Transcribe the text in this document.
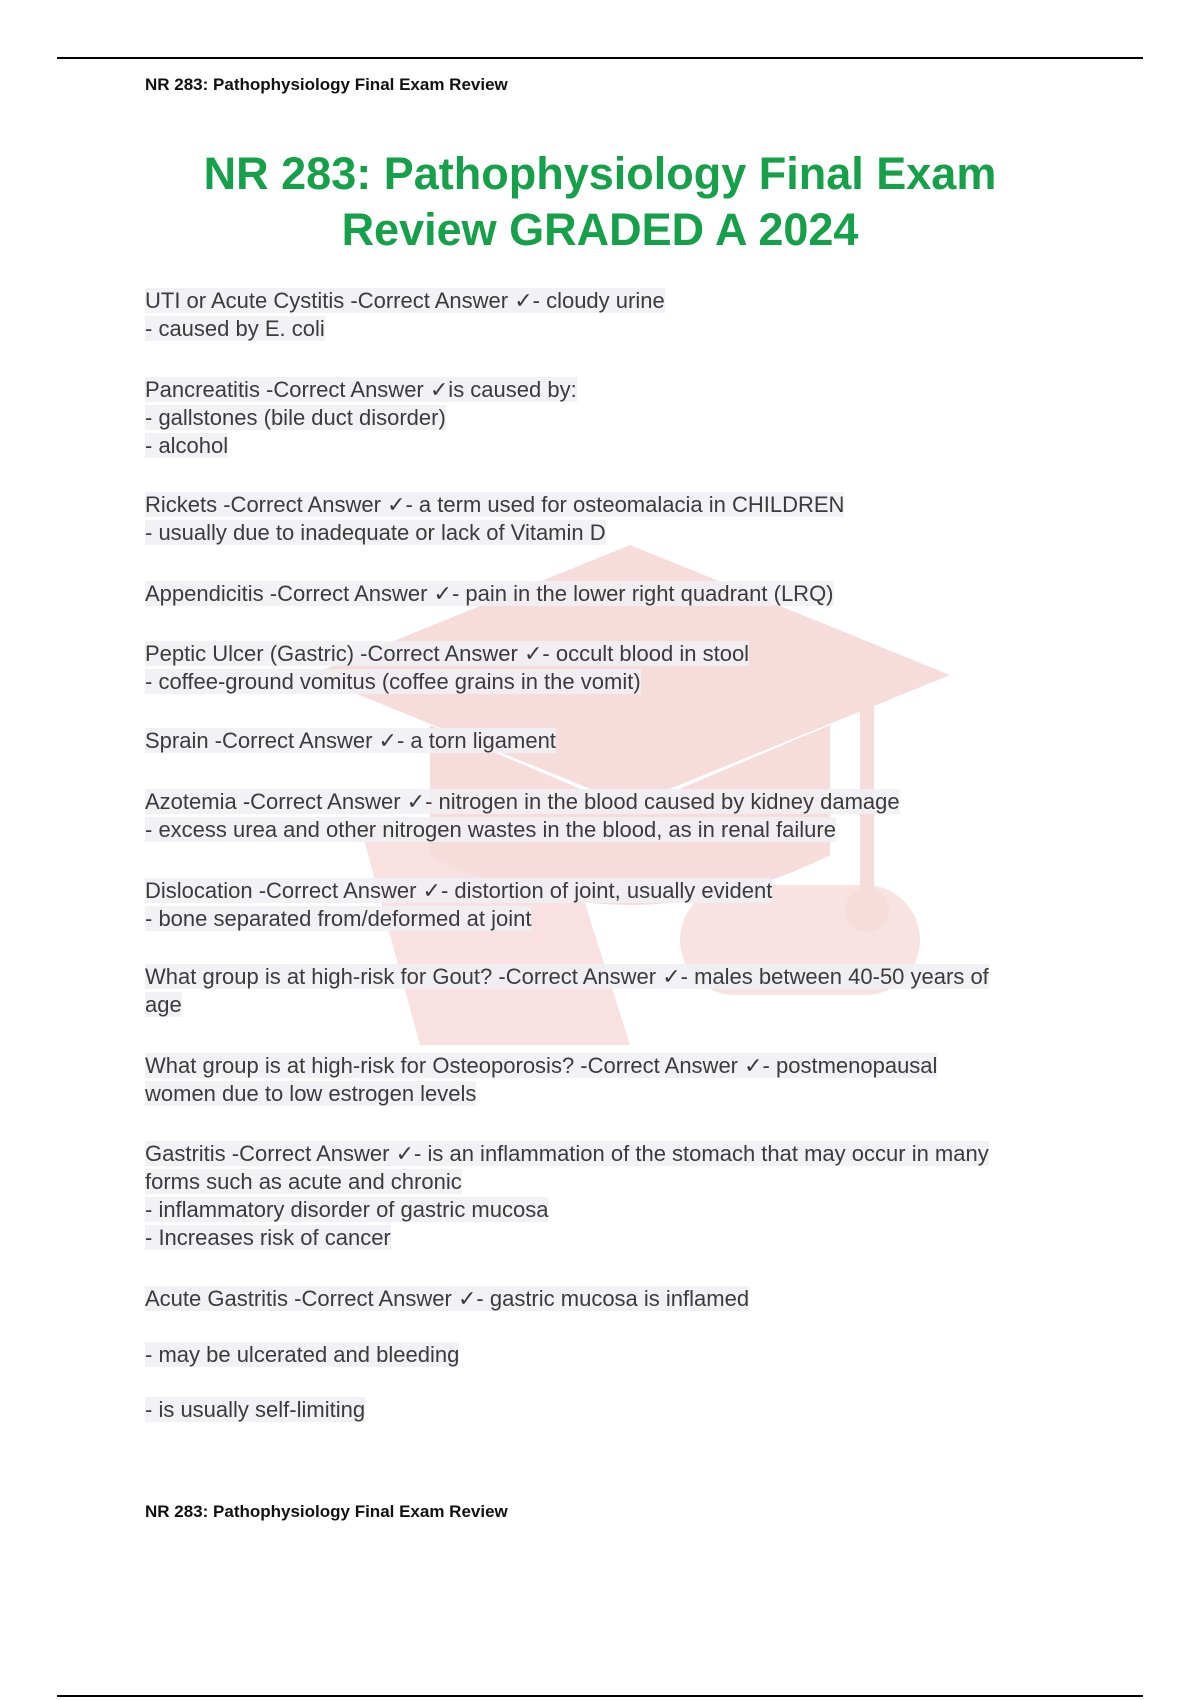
NR 283: Pathophysiology Final Exam Review
NR 283: Pathophysiology Final Exam
Review GRADED A 2024
UTI or Acute Cystitis -Correct Answer ✓- cloudy urine
- caused by E. coli
Pancreatitis -Correct Answer ✓is caused by:
- gallstones (bile duct disorder)
- alcohol
Rickets -Correct Answer ✓- a term used for osteomalacia in CHILDREN
- usually due to inadequate or lack of Vitamin D
Appendicitis -Correct Answer ✓- pain in the lower right quadrant (LRQ)
Peptic Ulcer (Gastric) -Correct Answer ✓- occult blood in stool
- coffee-ground vomitus (coffee grains in the vomit)
Sprain -Correct Answer ✓- a torn ligament
Azotemia -Correct Answer ✓- nitrogen in the blood caused by kidney damage
- excess urea and other nitrogen wastes in the blood, as in renal failure
Dislocation -Correct Answer ✓- distortion of joint, usually evident
- bone separated from/deformed at joint
What group is at high-risk for Gout? -Correct Answer ✓- males between 40-50 years of
age
What group is at high-risk for Osteoporosis? -Correct Answer ✓- postmenopausal
women due to low estrogen levels
Gastritis -Correct Answer ✓- is an inflammation of the stomach that may occur in many
forms such as acute and chronic
- inflammatory disorder of gastric mucosa
- Increases risk of cancer
Acute Gastritis -Correct Answer ✓- gastric mucosa is inflamed
- may be ulcerated and bleeding
- is usually self-limiting
NR 283: Pathophysiology Final Exam Review
